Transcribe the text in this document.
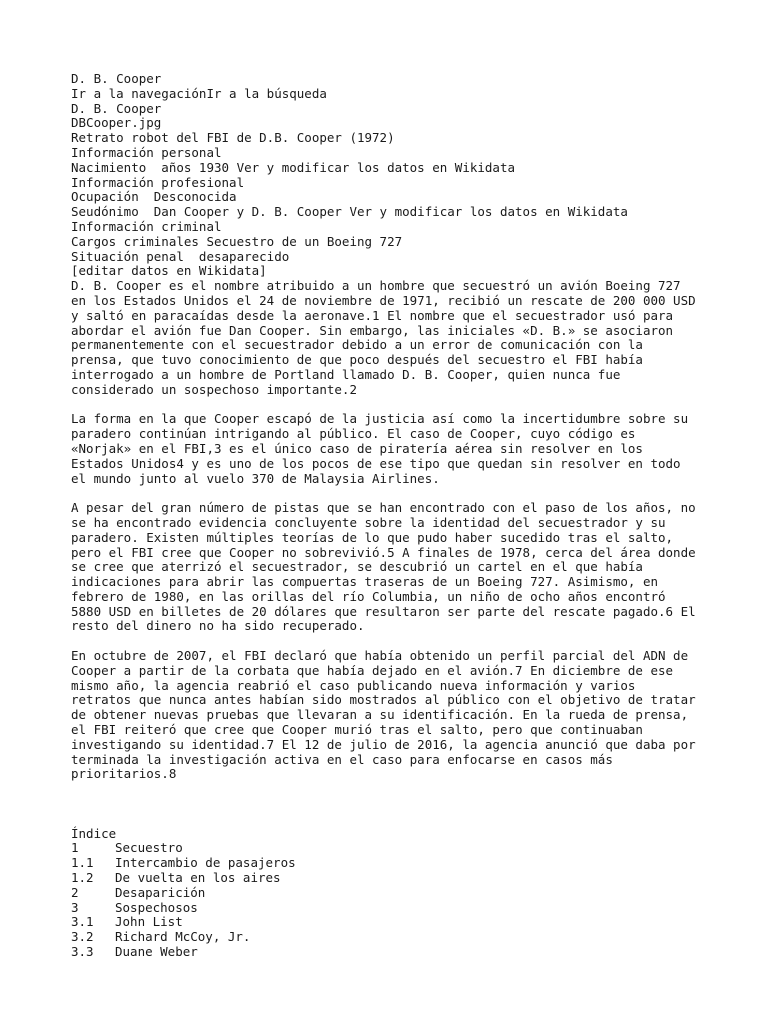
D. B. Cooper
Ir a la navegaciónIr a la búsqueda
D. B. Cooper
DBCooper.jpg
Retrato robot del FBI de D.B. Cooper (1972)
Información personal
Nacimiento  años 1930 Ver y modificar los datos en Wikidata
Información profesional
Ocupación  Desconocida
Seudónimo  Dan Cooper y D. B. Cooper Ver y modificar los datos en Wikidata
Información criminal
Cargos criminales Secuestro de un Boeing 727
Situación penal  desaparecido
[editar datos en Wikidata]
D. B. Cooper es el nombre atribuido a un hombre que secuestró un avión Boeing 727
en los Estados Unidos el 24 de noviembre de 1971, recibió un rescate de 200 000 USD
y saltó en paracaídas desde la aeronave.1 El nombre que el secuestrador usó para
abordar el avión fue Dan Cooper. Sin embargo, las iniciales «D. B.» se asociaron
permanentemente con el secuestrador debido a un error de comunicación con la
prensa, que tuvo conocimiento de que poco después del secuestro el FBI había
interrogado a un hombre de Portland llamado D. B. Cooper, quien nunca fue
considerado un sospechoso importante.2
La forma en la que Cooper escapó de la justicia así como la incertidumbre sobre su
paradero continúan intrigando al público. El caso de Cooper, cuyo código es
«Norjak» en el FBI,3 es el único caso de piratería aérea sin resolver en los
Estados Unidos4 y es uno de los pocos de ese tipo que quedan sin resolver en todo
el mundo junto al vuelo 370 de Malaysia Airlines.
A pesar del gran número de pistas que se han encontrado con el paso de los años, no
se ha encontrado evidencia concluyente sobre la identidad del secuestrador y su
paradero. Existen múltiples teorías de lo que pudo haber sucedido tras el salto,
pero el FBI cree que Cooper no sobrevivió.5 A finales de 1978, cerca del área donde
se cree que aterrizó el secuestrador, se descubrió un cartel en el que había
indicaciones para abrir las compuertas traseras de un Boeing 727. Asimismo, en
febrero de 1980, en las orillas del río Columbia, un niño de ocho años encontró
5880 USD en billetes de 20 dólares que resultaron ser parte del rescate pagado.6 El
resto del dinero no ha sido recuperado.
En octubre de 2007, el FBI declaró que había obtenido un perfil parcial del ADN de
Cooper a partir de la corbata que había dejado en el avión.7 En diciembre de ese
mismo año, la agencia reabrió el caso publicando nueva información y varios
retratos que nunca antes habían sido mostrados al público con el objetivo de tratar
de obtener nuevas pruebas que llevaran a su identificación. En la rueda de prensa,
el FBI reiteró que cree que Cooper murió tras el salto, pero que continuaban
investigando su identidad.7 El 12 de julio de 2016, la agencia anunció que daba por
terminada la investigación activa en el caso para enfocarse en casos más
prioritarios.8
Índice
1	Secuestro
1.1 Intercambio de pasajeros
1.2 De vuelta en los aires
2	Desaparición
3	Sospechosos
3.1 John List
3.2 Richard McCoy, Jr.
3.3 Duane Weber
